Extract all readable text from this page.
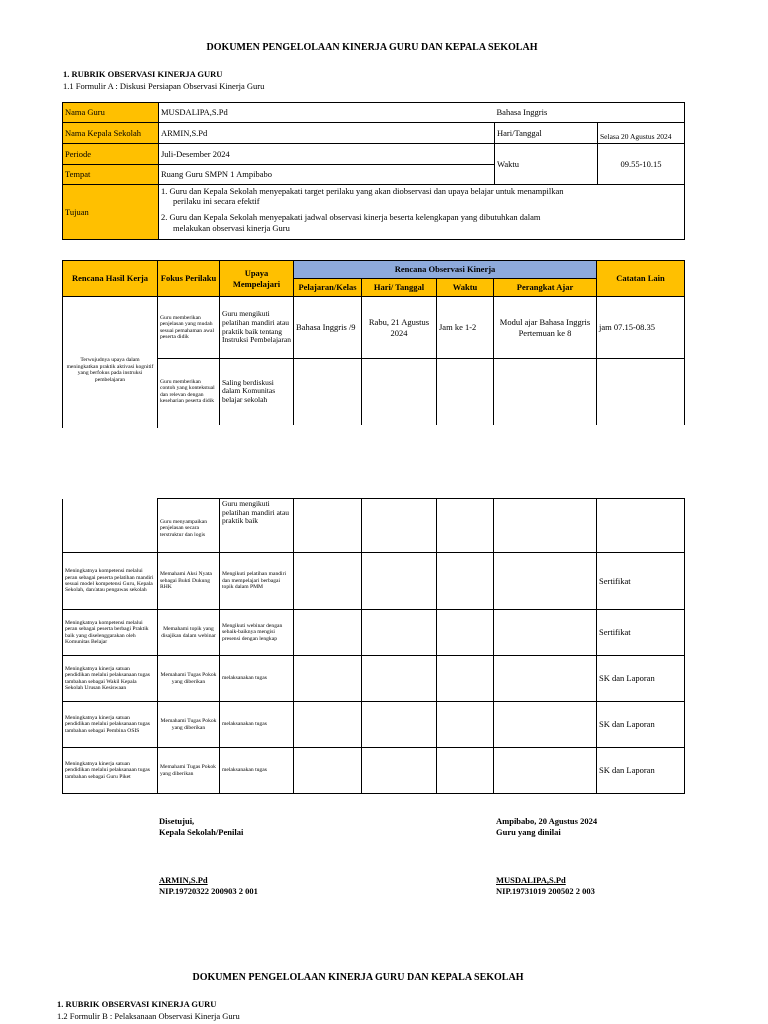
DOKUMEN PENGELOLAAN KINERJA GURU DAN KEPALA SEKOLAH
1. RUBRIK OBSERVASI KINERJA GURU
1.1 Formulir A : Diskusi Persiapan Observasi Kinerja Guru
Nama Guru	MUSDALIPA,S.Pd	Bahasa Inggris	
Nama Kepala Sekolah	ARMIN,S.Pd	Hari/Tanggal	Selasa 20 Agustus 2024
Periode	Juli-Desember 2024	Waktu	09.55-10.15
Tempat	Ruang Guru SMPN 1 Ampibabo		
Tujuan	1. Guru dan Kepala Sekolah menyepakati target perilaku yang akan diobservasi dan upaya belajar untuk menampilkan
perilaku ini secara efektif
2. Guru dan Kepala Sekolah menyepakati jadwal observasi kinerja beserta kelengkapan yang dibutuhkan dalam
melakukan observasi kinerja Guru		
Rencana Hasil Kerja	Fokus Perilaku	Upaya Mempelajari	Rencana Observasi Kinerja				Catatan Lain
			Pelajaran/Kelas	Hari/ Tanggal	Waktu	Perangkat Ajar	
Terwujudnya upaya dalam meningkatkan praktik aktivasi kognitif yang berfokus pada instruksi pembelajaran	Guru memberikan penjelasan yang mudah sesuai pemahaman awal peserta didik	Guru mengikuti pelatihan mandiri atau praktik baik tentang Instruksi Pembelajaran	Bahasa Inggris /9	Rabu, 21 Agustus 2024	Jam ke 1-2	Modul ajar Bahasa Inggris Pertemuan ke 8	jam 07.15-08.35
	Guru memberikan contoh yang kontekstual dan relevan dengan keseharian peserta didik	Saling berdiskusi dalam Komunitas belajar sekolah					
	Guru menyampaikan penjelasan secara terstruktur dan logis	Guru mengikuti pelatihan mandiri atau praktik baik					
Meningkatnya kompetensi melalui peran sebagai peserta pelatihan mandiri sesuai model kompetensi Guru, Kepala Sekolah, dan/atau pengawas sekolah	Memahami Aksi Nyata sebagai Bukti Dukung RHK	Mengikuti pelatihan mandiri dan mempelajari berbagai topik dalam PMM					Sertifikat
Meningkatnya kompetensi melalui peran sebagai peserta berbagi Praktik baik yang diselenggarakan oleh Komunitas Belajar	Memahami topik yang disajikan dalam webinar	Mengikuti webinar dengan sebaik-baiknya mengisi presensi dengan lengkap					Sertifikat
Meningkatnya kinerja satuan pendidikan melalui pelaksanaan tugas tambahan sebagai Wakil Kepala Sekolah Urusan Kesiswaan	Memahami Tugas Pokok yang diberikan	melaksanakan tugas					SK dan Laporan
Meningkatnya kinerja satuan pendidikan melalui pelaksanaan tugas tambahan sebagai Pembina OSIS	Memahami Tugas Pokok yang diberikan	melaksanakan tugas					SK dan Laporan
Meningkatnya kinerja satuan pendidikan melalui pelaksanaan tugas tambahan sebagai Guru Piket	Memahami Tugas Pokok yang diberikan	melaksanakan tugas					SK dan Laporan
Disetujui,
Kepala Sekolah/Penilai
ARMIN,S.Pd
NIP.19720322 200903 2 001
Ampibabo, 20 Agustus 2024
Guru yang dinilai
MUSDALIPA,S.Pd
NIP.19731019 200502 2 003
DOKUMEN PENGELOLAAN KINERJA GURU DAN KEPALA SEKOLAH
1. RUBRIK OBSERVASI KINERJA GURU
1.2 Formulir B : Pelaksanaan Observasi Kinerja Guru
